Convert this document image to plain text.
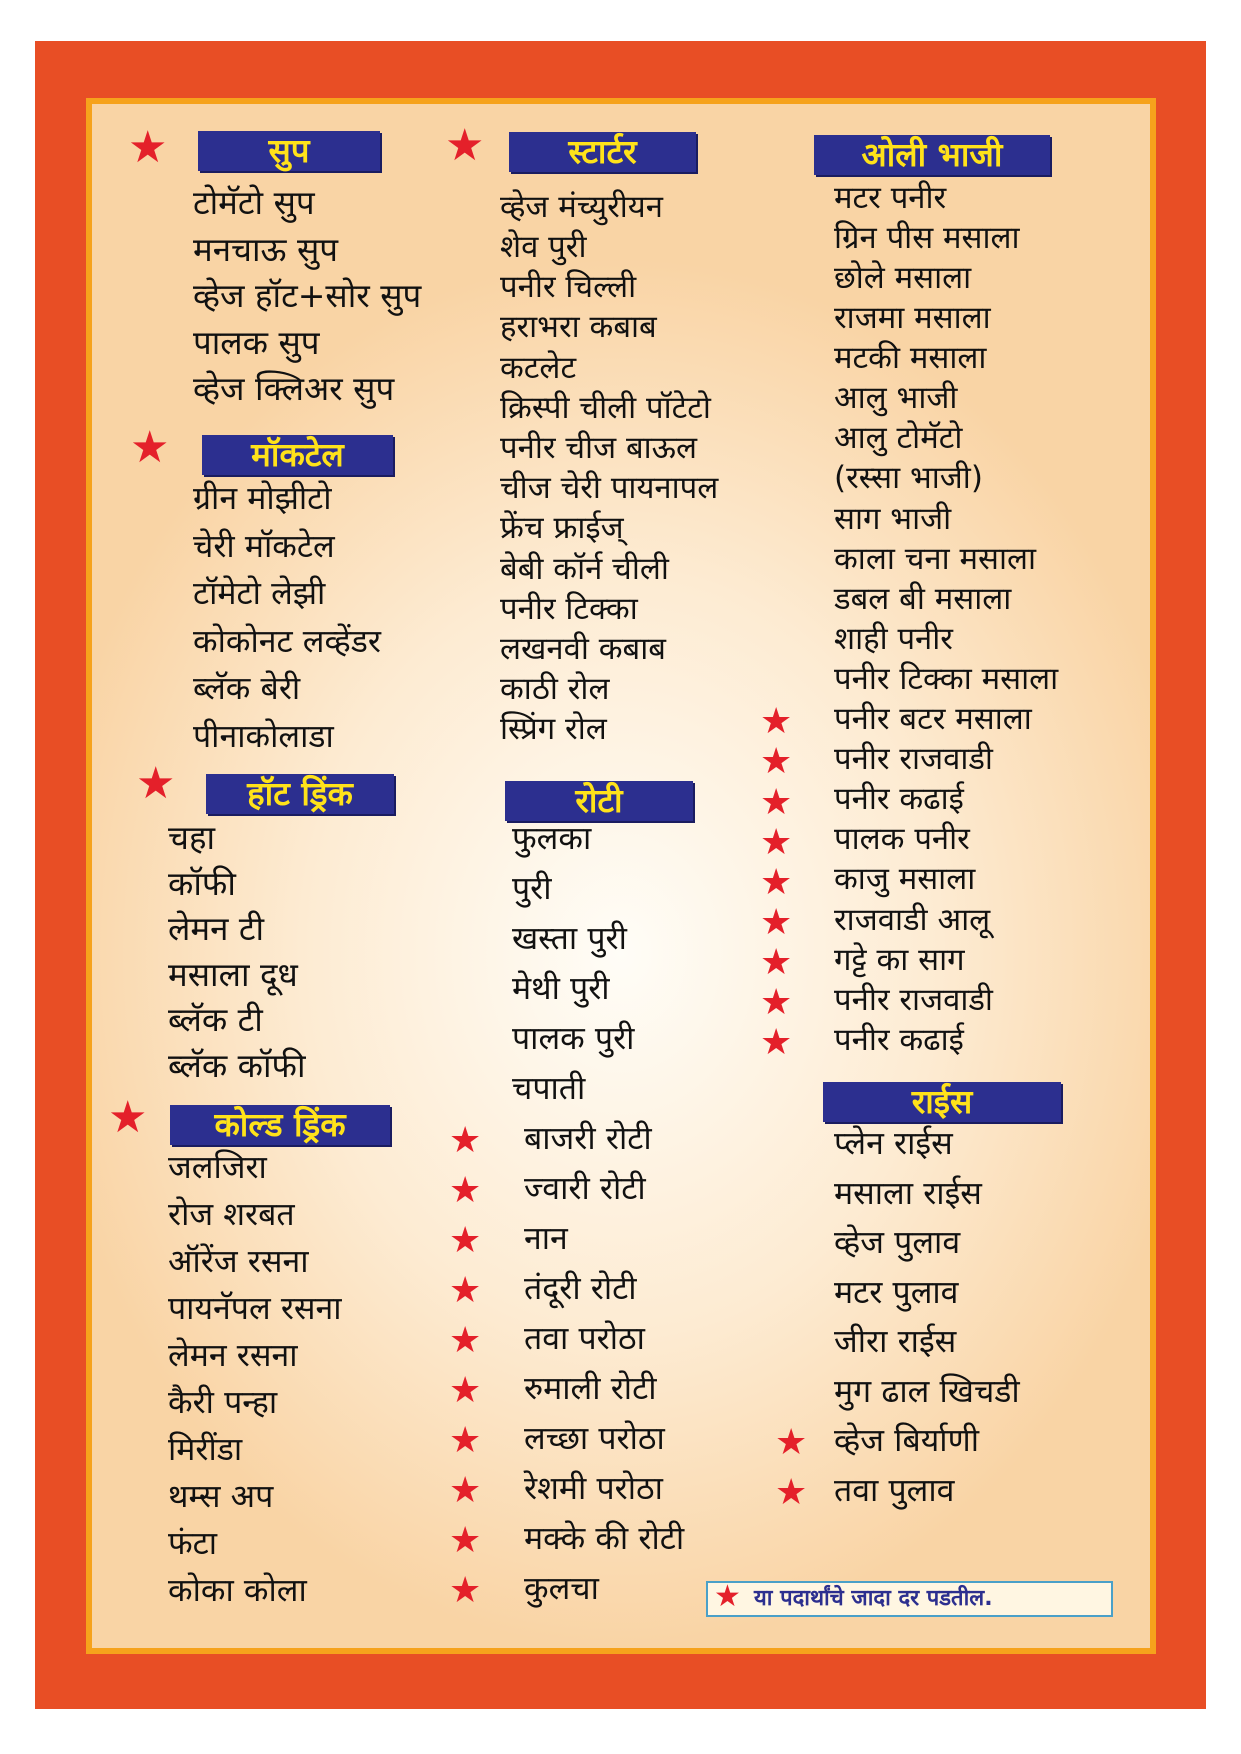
★	सुप
★	मॉकटेल
★	हॉट ड्रिंक
★	कोल्ड ड्रिंक
★	स्टार्टर
रोटी
ओली भाजी
राईस
टोमॅटो सुप
मनचाऊ सुप
व्हेज हॉट+सोर सुप
पालक सुप
व्हेज क्लिअर सुप
ग्रीन मोझीटो
चेरी मॉकटेल
टॉमेटो लेझी
कोकोनट लव्हेंडर
ब्लॅक बेरी
पीनाकोलाडा
चहा
कॉफी
लेमन टी
मसाला दूध
ब्लॅक टी
ब्लॅक कॉफी
जलजिरा
रोज शरबत
ऑरेंज रसना
पायनॅपल रसना
लेमन रसना
कैरी पन्हा
मिरींडा
थम्स अप
फंटा
कोका कोला
व्हेज मंच्युरीयन
शेव पुरी
पनीर चिल्ली
हराभरा कबाब
कटलेट
क्रिस्पी चीली पॉटेटो
पनीर चीज बाऊल
चीज चेरी पायनापल
फ्रेंच फ्राईज्
बेबी कॉर्न चीली
पनीर टिक्का
लखनवी कबाब
काठी रोल
स्प्रिंग रोल
फुलका
पुरी
खस्ता पुरी
मेथी पुरी
पालक पुरी
चपाती
बाजरी रोटी
★
ज्वारी रोटी
★
नान
★
तंदूरी रोटी
★
तवा परोठा
★
रुमाली रोटी
★
लच्छा परोठा
★
रेशमी परोठा
★
मक्के की रोटी
★
कुलचा
★
मटर पनीर
ग्रिन पीस मसाला
छोले मसाला
राजमा मसाला
मटकी मसाला
आलु भाजी
आलु टोमॅटो
(रस्सा भाजी)
साग भाजी
काला चना मसाला
डबल बी मसाला
शाही पनीर
पनीर टिक्का मसाला
पनीर बटर मसाला
★
पनीर राजवाडी
★
पनीर कढाई
★
पालक पनीर
★
काजु मसाला
★
राजवाडी आलू
★
गट्टे का साग
★
पनीर राजवाडी
★
पनीर कढाई
★
प्लेन राईस
मसाला राईस
व्हेज पुलाव
मटर पुलाव
जीरा राईस
मुग ढाल खिचडी
व्हेज बिर्याणी
★
तवा पुलाव
★
★ या पदार्थांचे जादा दर पडतील.
